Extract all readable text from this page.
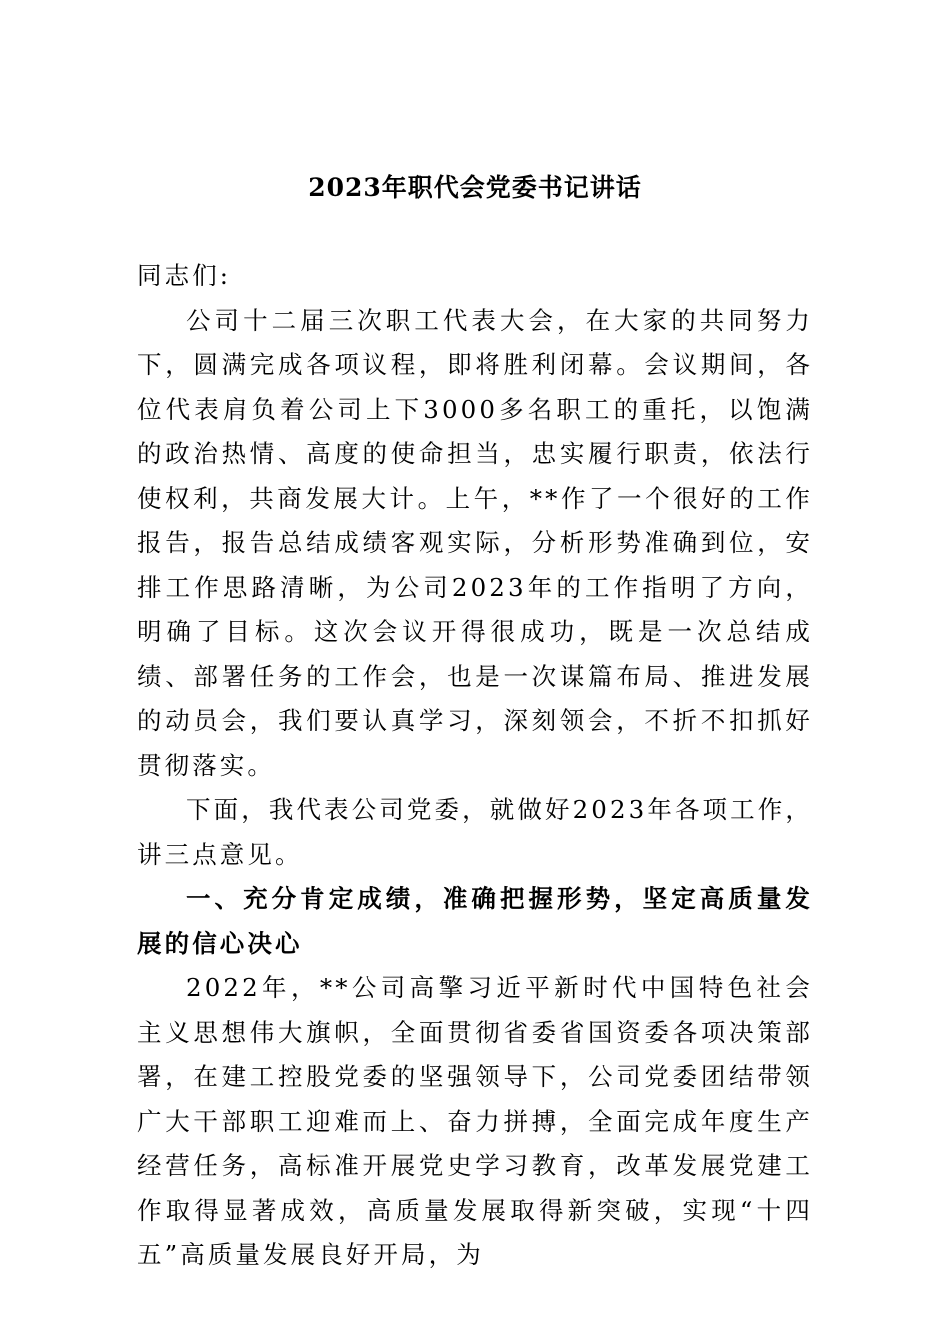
2023年职代会党委书记讲话

同志们:

公司十二届三次职工代表大会，在大家的共同努力下，圆满完成各项议程，即将胜利闭幕。会议期间，各位代表肩负着公司上下3000多名职工的重托，以饱满的政治热情、高度的使命担当，忠实履行职责，依法行使权利，共商发展大计。上午，**作了一个很好的工作报告，报告总结成绩客观实际，分析形势准确到位，安排工作思路清晰，为公司2023年的工作指明了方向，明确了目标。这次会议开得很成功，既是一次总结成绩、部署任务的工作会，也是一次谋篇布局、推进发展的动员会，我们要认真学习，深刻领会，不折不扣抓好贯彻落实。

下面，我代表公司党委，就做好2023年各项工作，讲三点意见。

一、充分肯定成绩，准确把握形势，坚定高质量发展的信心决心

2022年，**公司高擎习近平新时代中国特色社会主义思想伟大旗帜，全面贯彻省委省国资委各项决策部署，在建工控股党委的坚强领导下，公司党委团结带领广大干部职工迎难而上、奋力拼搏，全面完成年度生产经营任务，高标准开展党史学习教育，改革发展党建工作取得显著成效，高质量发展取得新突破，实现“十四五”高质量发展良好开局，为
